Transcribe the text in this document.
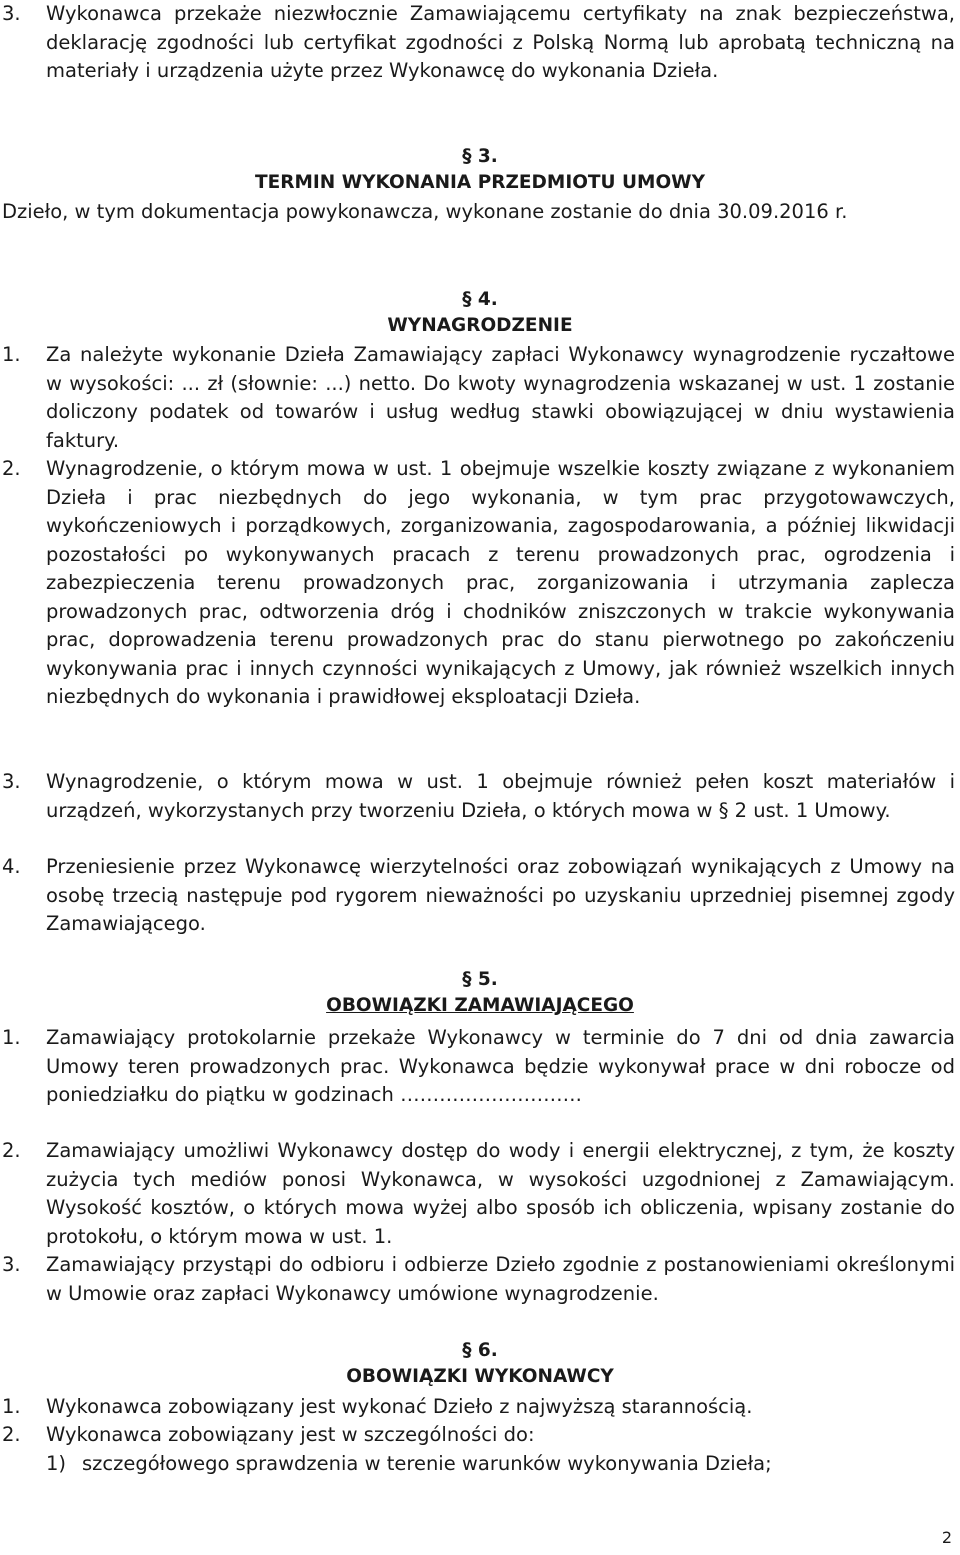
3. Wykonawca przekaże niezwłocznie Zamawiającemu certyfikaty na znak bezpieczeństwa, deklarację zgodności lub certyfikat zgodności z Polską Normą lub aprobatą techniczną na materiały i urządzenia użyte przez Wykonawcę do wykonania Dzieła.
§ 3.
TERMIN WYKONANIA PRZEDMIOTU UMOWY
Dzieło, w tym dokumentacja powykonawcza, wykonane zostanie do dnia 30.09.2016 r.
§ 4.
WYNAGRODZENIE
1. Za należyte wykonanie Dzieła Zamawiający zapłaci Wykonawcy wynagrodzenie ryczałtowe w wysokości: ... zł (słownie: ...) netto. Do kwoty wynagrodzenia wskazanej w ust. 1 zostanie doliczony podatek od towarów i usług według stawki obowiązującej w dniu wystawienia faktury.
2. Wynagrodzenie, o którym mowa w ust. 1 obejmuje wszelkie koszty związane z wykonaniem Dzieła i prac niezbędnych do jego wykonania, w tym prac przygotowawczych, wykończeniowych i porządkowych, zorganizowania, zagospodarowania, a później likwidacji pozostałości po wykonywanych pracach z terenu prowadzonych prac, ogrodzenia i zabezpieczenia terenu prowadzonych prac, zorganizowania i utrzymania zaplecza prowadzonych prac, odtworzenia dróg i chodników zniszczonych w trakcie wykonywania prac, doprowadzenia terenu prowadzonych prac do stanu pierwotnego po zakończeniu wykonywania prac i innych czynności wynikających z Umowy, jak również wszelkich innych niezbędnych do wykonania i prawidłowej eksploatacji Dzieła.
3. Wynagrodzenie, o którym mowa w ust. 1 obejmuje również pełen koszt materiałów i urządzeń, wykorzystanych przy tworzeniu Dzieła, o których mowa w § 2 ust. 1 Umowy.
4. Przeniesienie przez Wykonawcę wierzytelności oraz zobowiązań wynikających z Umowy na osobę trzecią następuje pod rygorem nieważności po uzyskaniu uprzedniej pisemnej zgody Zamawiającego.
§ 5.
OBOWIĄZKI ZAMAWIAJĄCEGO
1. Zamawiający protokolarnie przekaże Wykonawcy w terminie do 7 dni od dnia zawarcia Umowy teren prowadzonych prac. Wykonawca będzie wykonywał prace w dni robocze od poniedziałku do piątku w godzinach ……………………….
2. Zamawiający umożliwi Wykonawcy dostęp do wody i energii elektrycznej, z tym, że koszty zużycia tych mediów ponosi Wykonawca, w wysokości uzgodnionej z Zamawiającym. Wysokość kosztów, o których mowa wyżej albo sposób ich obliczenia, wpisany zostanie do protokołu, o którym mowa w ust. 1.
3. Zamawiający przystąpi do odbioru i odbierze Dzieło zgodnie z postanowieniami określonymi w Umowie oraz zapłaci Wykonawcy umówione wynagrodzenie.
§ 6.
OBOWIĄZKI WYKONAWCY
1. Wykonawca zobowiązany jest wykonać Dzieło z najwyższą starannością.
2. Wykonawca zobowiązany jest w szczególności do:
1) szczegółowego sprawdzenia w terenie warunków wykonywania Dzieła;
2
